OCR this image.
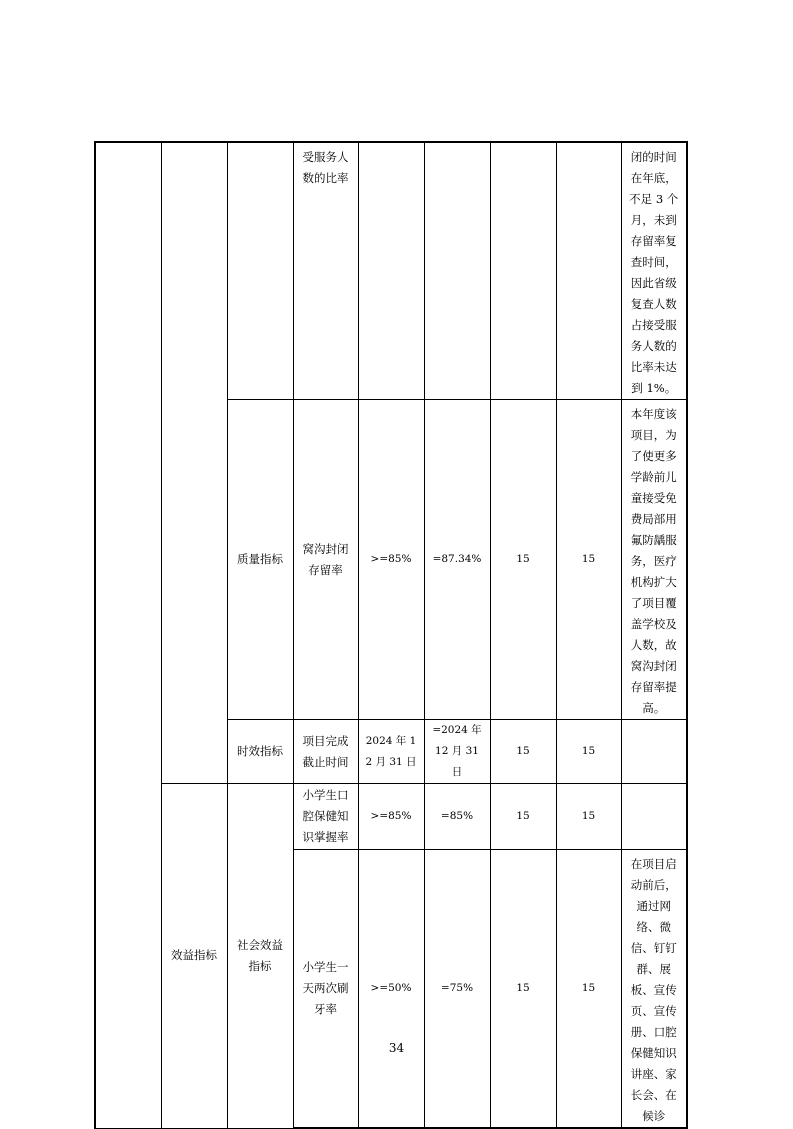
			受服务人数的比率					闭的时间在年底，不足 3 个月，未到存留率复查时间，因此省级复查人数占接受服务人数的比率未达到 1%。
		质量指标	窝沟封闭存留率	>=85%	=87.34%	15	15	本年度该项目，为了使更多学龄前儿童接受免费局部用氟防龋服务，医疗机构扩大了项目覆盖学校及人数，故窝沟封闭存留率提高。
		时效指标	项目完成截止时间	2024 年 12 月 31 日	=2024 年 12 月 31 日	15	15	
	效益指标	社会效益指标	小学生口腔保健知识掌握率	>=85%	=85%	15	15	
			小学生一天两次刷牙率	>=50%	=75%	15	15	在项目启动前后，通过网络、微信、钉钉群、展板、宣传页、宣传册、口腔保健知识讲座、家长会、在候诊
34
